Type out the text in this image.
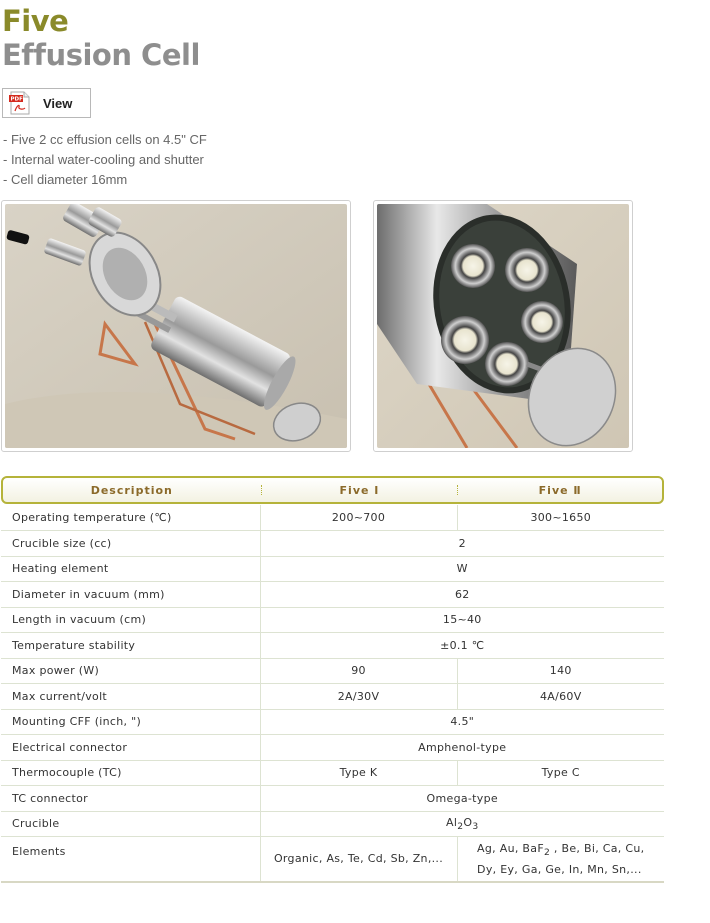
Five
Effusion Cell
PDF View
- Five 2 cc effusion cells on 4.5" CF
- Internal water-cooling and shutter
- Cell diameter 16mm
Description	Five Ⅰ	Five Ⅱ
Operating temperature (℃)	200~700	300~1650
Crucible size (cc)	2	
Heating element	W	
Diameter in vacuum (mm)	62	
Length in vacuum (cm)	15~40	
Temperature stability	±0.1 ℃	
Max power (W)	90	140
Max current/volt	2A/30V	4A/60V
Mounting CFF (inch, ")	4.5"	
Electrical connector	Amphenol-type	
Thermocouple (TC)	Type K	Type C
TC connector	Omega-type	
Crucible	$Al_2O_3$
Elements	Organic, As, Te, Cd, Sb, Zn,...	Ag, Au, BaF$_2$ , Be, Bi, Ca, Cu,
Dy, Ey, Ga, Ge, In, Mn, Sn,...
